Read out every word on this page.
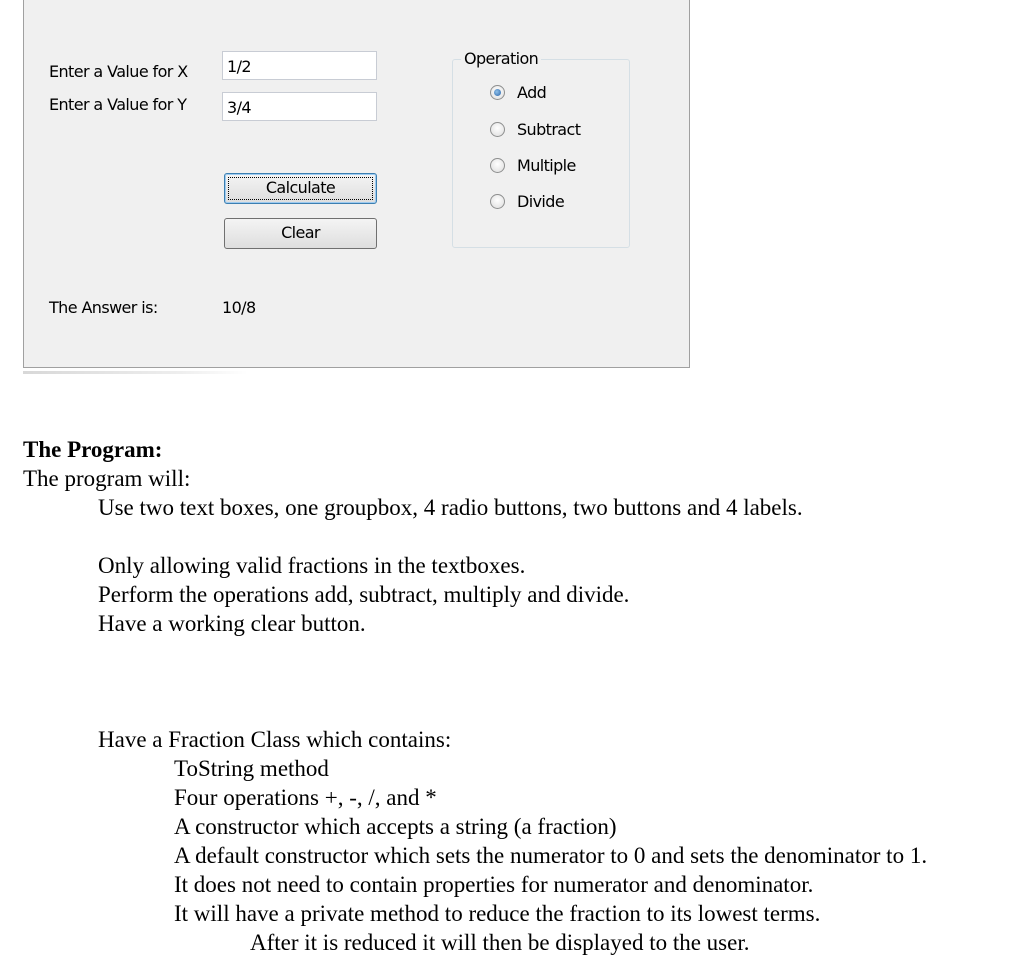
Enter a Value for X
Enter a Value for Y
1/2
3/4
Calculate
Clear
The Answer is:	10/8
Operation
Add
Subtract
Multiple
Divide
The Program:
The program will:
Use two text boxes, one groupbox, 4 radio buttons, two buttons and 4 labels.
Only allowing valid fractions in the textboxes.
Perform the operations add, subtract, multiply and divide.
Have a working clear button.
Have a Fraction Class which contains:
ToString method
Four operations +, -, /, and *
A constructor which accepts a string (a fraction)
A default constructor which sets the numerator to 0 and sets the denominator to 1.
It does not need to contain properties for numerator and denominator.
It will have a private method to reduce the fraction to its lowest terms.
After it is reduced it will then be displayed to the user.
